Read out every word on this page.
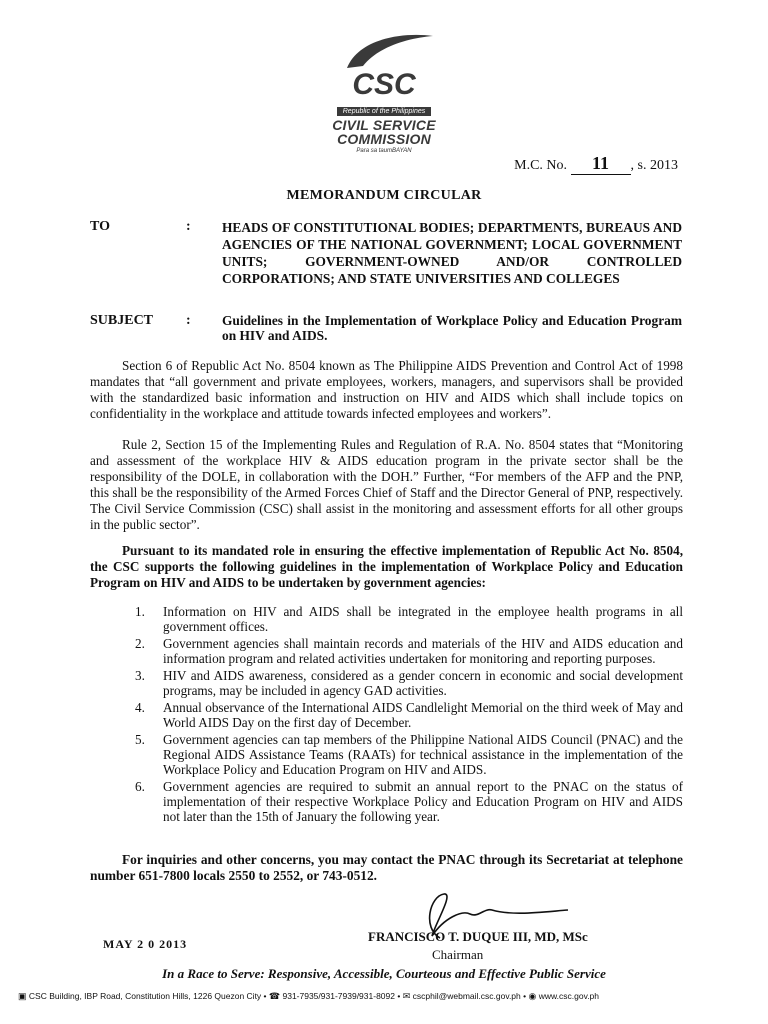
CSC
Republic of the Philippines
CIVIL SERVICE
COMMISSION
Para sa taumBAYAN
M.C. No. 11 , s. 2013
MEMORANDUM CIRCULAR
TO	: HEADS OF CONSTITUTIONAL BODIES; DEPARTMENTS, BUREAUS AND AGENCIES OF THE NATIONAL GOVERNMENT; LOCAL GOVERNMENT UNITS; GOVERNMENT-OWNED AND/OR CONTROLLED CORPORATIONS; AND STATE UNIVERSITIES AND COLLEGES
SUBJECT : Guidelines in the Implementation of Workplace Policy and Education Program on HIV and AIDS.
Section 6 of Republic Act No. 8504 known as The Philippine AIDS Prevention and Control Act of 1998 mandates that “all government and private employees, workers, managers, and supervisors shall be provided with the standardized basic information and instruction on HIV and AIDS which shall include topics on confidentiality in the workplace and attitude towards infected employees and workers”.
Rule 2, Section 15 of the Implementing Rules and Regulation of R.A. No. 8504 states that “Monitoring and assessment of the workplace HIV & AIDS education program in the private sector shall be the responsibility of the DOLE, in collaboration with the DOH.” Further, “For members of the AFP and the PNP, this shall be the responsibility of the Armed Forces Chief of Staff and the Director General of PNP, respectively. The Civil Service Commission (CSC) shall assist in the monitoring and assessment efforts for all other groups in the public sector”.
Pursuant to its mandated role in ensuring the effective implementation of Republic Act No. 8504, the CSC supports the following guidelines in the implementation of Workplace Policy and Education Program on HIV and AIDS to be undertaken by government agencies:
1. Information on HIV and AIDS shall be integrated in the employee health programs in all government offices.
2. Government agencies shall maintain records and materials of the HIV and AIDS education and information program and related activities undertaken for monitoring and reporting purposes.
3. HIV and AIDS awareness, considered as a gender concern in economic and social development programs, may be included in agency GAD activities.
4. Annual observance of the International AIDS Candlelight Memorial on the third week of May and World AIDS Day on the first day of December.
5. Government agencies can tap members of the Philippine National AIDS Council (PNAC) and the Regional AIDS Assistance Teams (RAATs) for technical assistance in the implementation of the Workplace Policy and Education Program on HIV and AIDS.
6. Government agencies are required to submit an annual report to the PNAC on the status of implementation of their respective Workplace Policy and Education Program on HIV and AIDS not later than the 15th of January the following year.
For inquiries and other concerns, you may contact the PNAC through its Secretariat at telephone number 651-7800 locals 2550 to 2552, or 743-0512.
MAY 2 0 2013	FRANCISCO T. DUQUE III, MD, MSc
Chairman
In a Race to Serve: Responsive, Accessible, Courteous and Effective Public Service
▣ CSC Building, IBP Road, Constitution Hills, 1226 Quezon City • ☎ 931-7935/931-7939/931-8092 • ✉ cscphil@webmail.csc.gov.ph • ◉ www.csc.gov.ph
